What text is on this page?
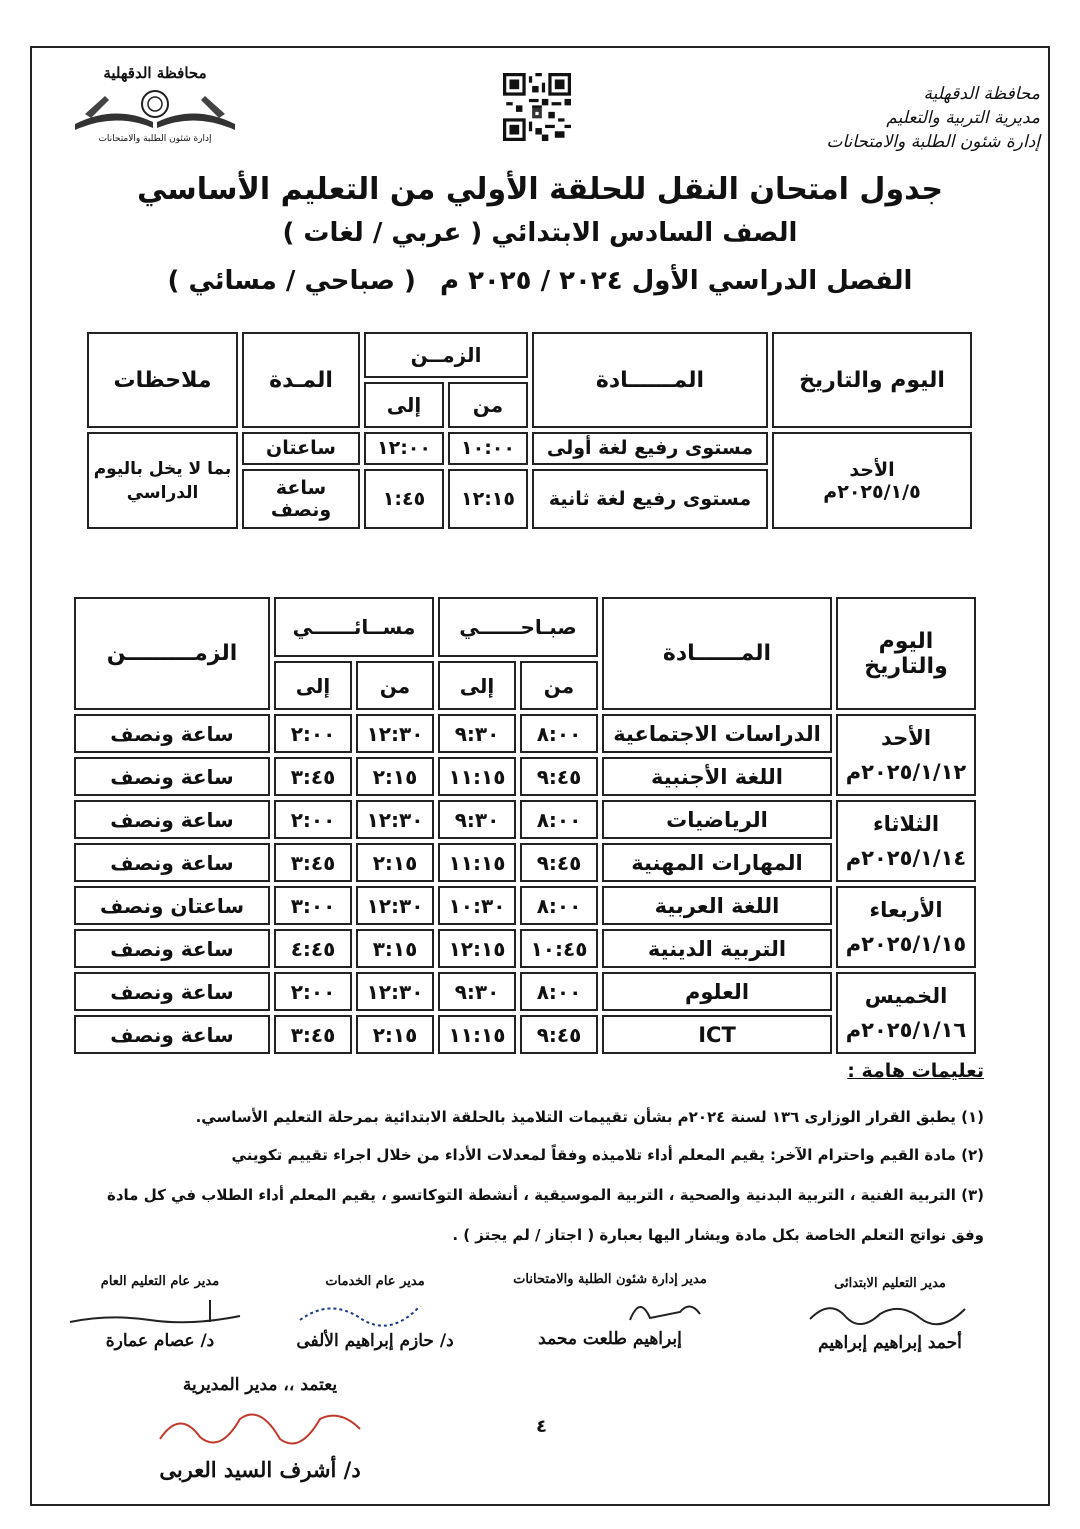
محافظة الدقهلية
مديرية التربية والتعليم
إدارة شئون الطلبة والامتحانات
محافظة الدقهلية
إدارة شئون الطلبة والامتحانات
جدول امتحان النقل للحلقة الأولي من التعليم الأساسي
الصف السادس الابتدائي ( عربي / لغات )
الفصل الدراسي الأول ٢٠٢٤ / ٢٠٢٥ م( صباحي / مسائي )
اليوم والتاريخ	المــــــادة	الزمــن		المـدة	ملاحظات
		من	إلى		

الأحد
٢٠٢٥/١/٥م	مستوى رفيع لغة أولى	١٠:٠٠	١٢:٠٠	ساعتان	بما لا يخل باليوم الدراسي
	مستوى رفيع لغة ثانية	١٢:١٥	١:٤٥	ساعة ونصف	
اليوم والتاريخ	المــــــادة	صبـاحــــــي		مســائــــــي		الزمـــــــــن
		من	إلى	من	إلى	

الأحد
٢٠٢٥/١/١٢م	الدراسات الاجتماعية	٨:٠٠	٩:٣٠	١٢:٣٠	٢:٠٠	ساعة ونصف
	اللغة الأجنبية	٩:٤٥	١١:١٥	٢:١٥	٣:٤٥	ساعة ونصف

الثلاثاء
٢٠٢٥/١/١٤م	الرياضيات	٨:٠٠	٩:٣٠	١٢:٣٠	٢:٠٠	ساعة ونصف
	المهارات المهنية	٩:٤٥	١١:١٥	٢:١٥	٣:٤٥	ساعة ونصف

الأربعاء
٢٠٢٥/١/١٥م	اللغة العربية	٨:٠٠	١٠:٣٠	١٢:٣٠	٣:٠٠	ساعتان ونصف
	التربية الدينية	١٠:٤٥	١٢:١٥	٣:١٥	٤:٤٥	ساعة ونصف

الخميس
٢٠٢٥/١/١٦م	العلوم	٨:٠٠	٩:٣٠	١٢:٣٠	٢:٠٠	ساعة ونصف
	ICT	٩:٤٥	١١:١٥	٢:١٥	٣:٤٥	ساعة ونصف
تعليمات هامة :
(١) يطبق القرار الوزارى ١٣٦ لسنة ٢٠٢٤م بشأن تقييمات التلاميذ بالحلقة الابتدائية بمرحلة التعليم الأساسي.
(٢) مادة القيم واحترام الآخر: يقيم المعلم أداء تلاميذه وفقاً لمعدلات الأداء من خلال اجراء تقييم تكويني
(٣) التربية الفنية ، التربية البدنية والصحية ، التربية الموسيقية ، أنشطة التوكاتسو ، يقيم المعلم أداء الطلاب في كل مادة
وفق نواتج التعلم الخاصة بكل مادة ويشار اليها بعبارة ( اجتاز / لم يجتز ) .
مدير التعليم الابتدائى
أحمد إبراهيم إبراهيم
مدير إدارة شئون الطلبة والامتحانات
إبراهيم طلعت محمد
مدير عام الخدمات
د/ حازم إبراهيم الألفى
مدير عام التعليم العام
د/ عصام عمارة
يعتمد ،، مدير المديرية
د/ أشرف السيد العربى
٤
